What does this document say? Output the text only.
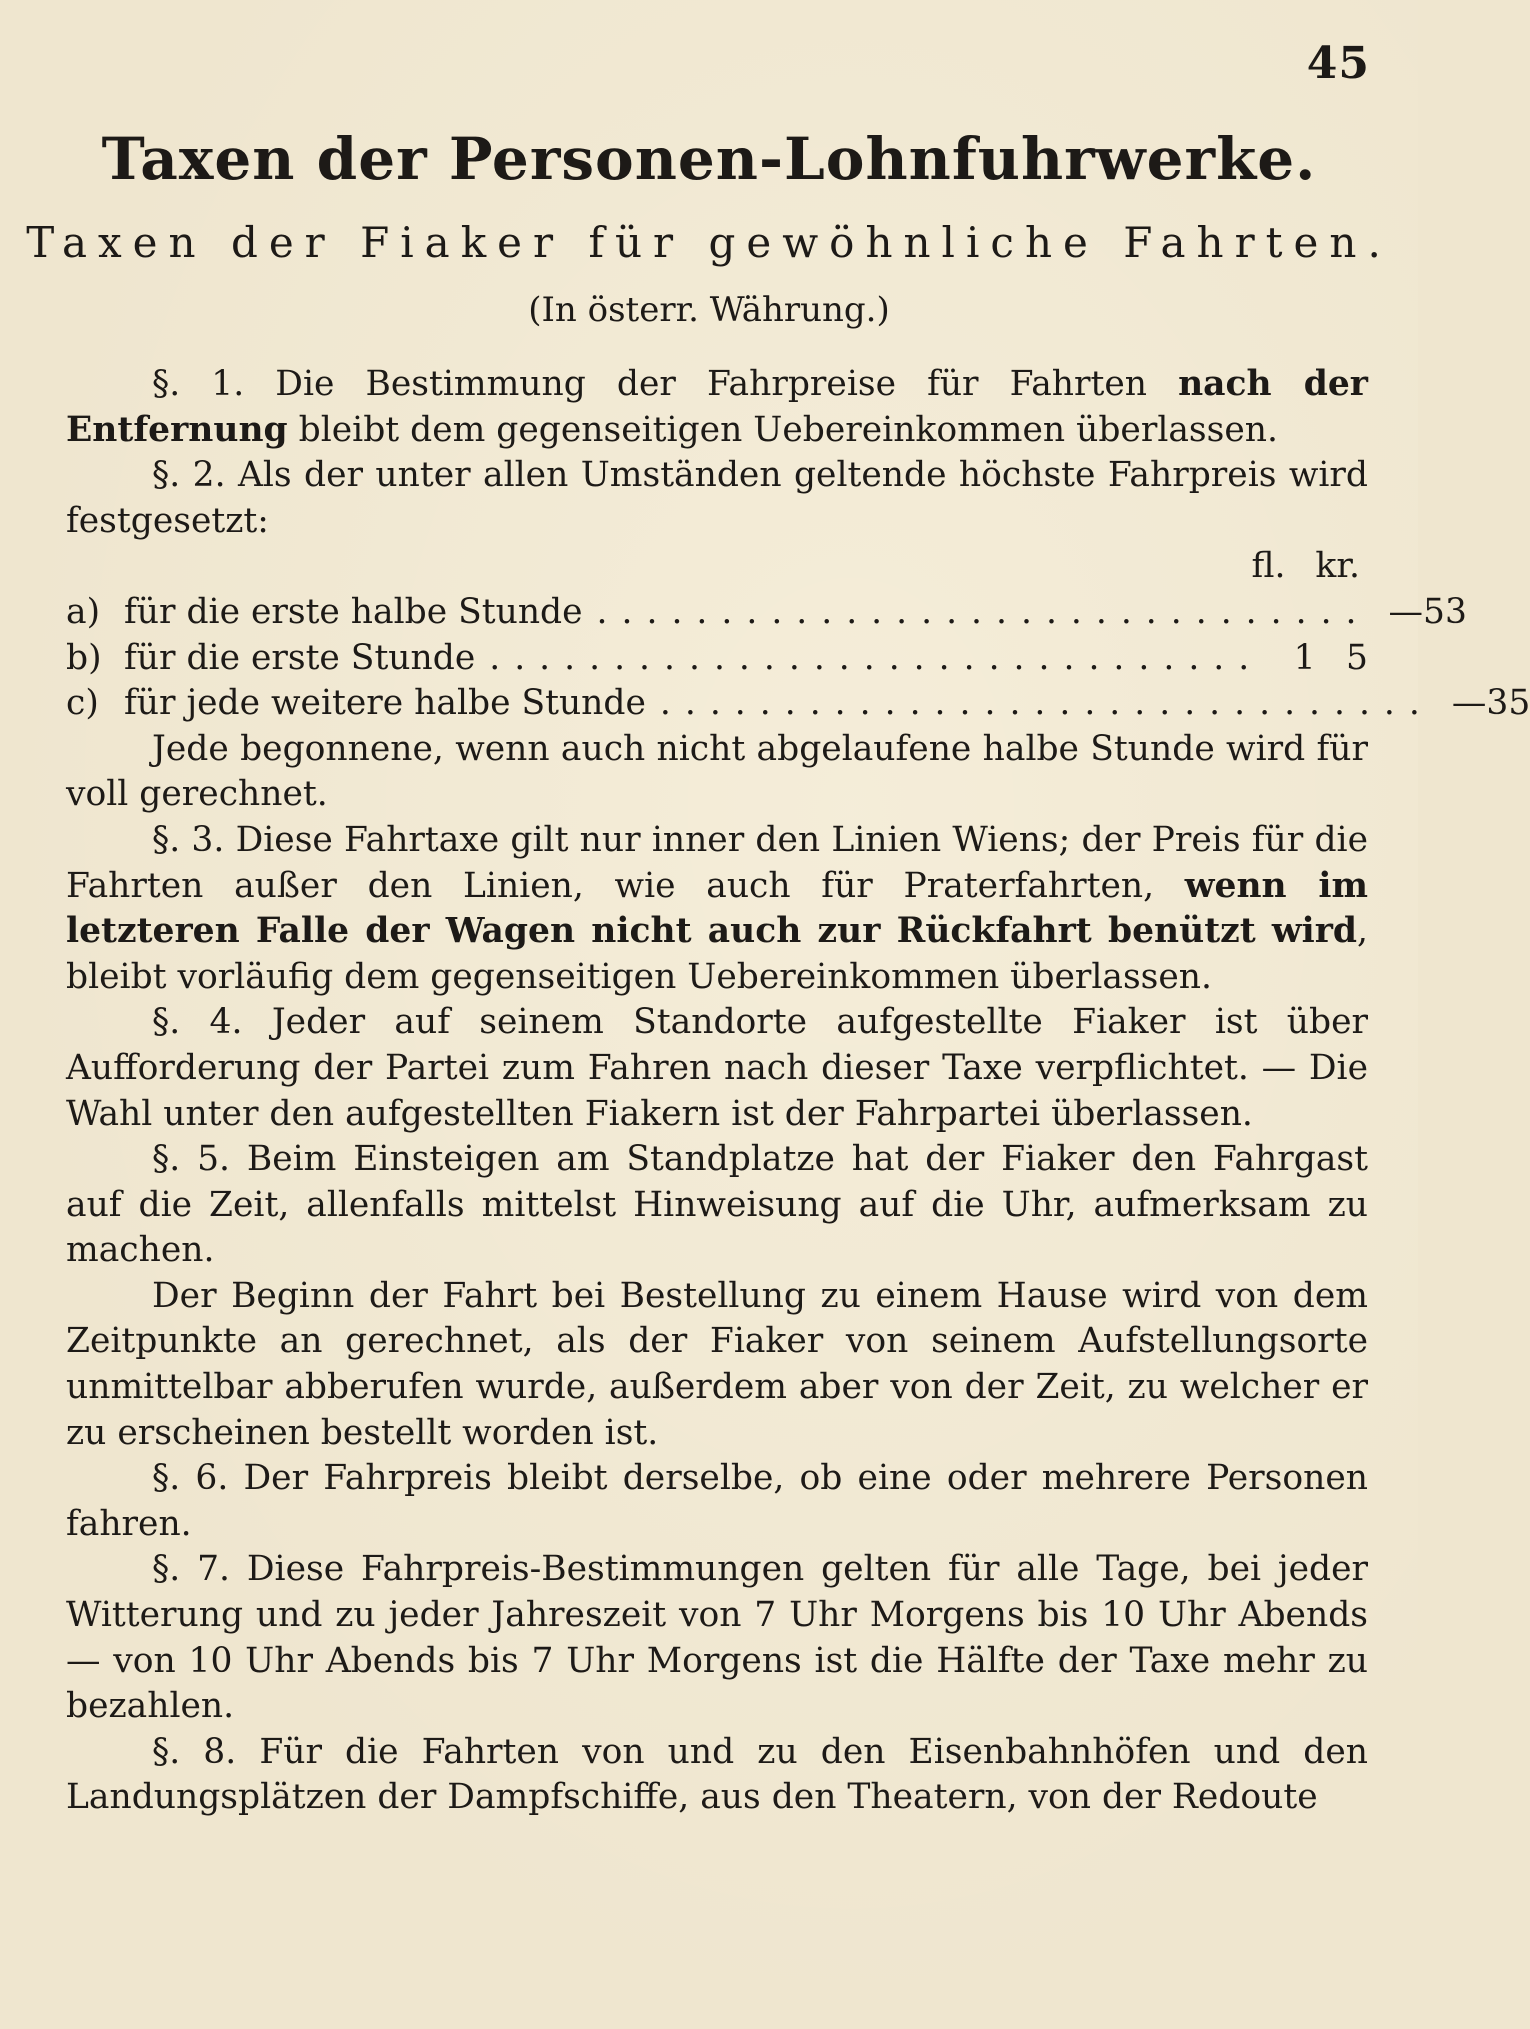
45
Taxen der Personen-Lohnfuhrwerke.
Taxen der Fiaker für gewöhnliche Fahrten.
(In österr. Währung.)

§. 1. Die Bestimmung der Fahrpreise für Fahrten nach der Entfernung bleibt dem gegenseitigen Uebereinkommen überlassen.

§. 2. Als der unter allen Umständen geltende höchste Fahrpreis wird festgesetzt:

fl. kr.
a) für die erste halbe Stunde ............................... — 53
b) für die erste Stunde ............................... 1 5
c) für jede weitere halbe Stunde ............................... — 35

Jede begonnene, wenn auch nicht abgelaufene halbe Stunde wird für voll gerechnet.

§. 3. Diese Fahrtaxe gilt nur inner den Linien Wiens; der Preis für die Fahrten außer den Linien, wie auch für Praterfahrten, wenn im letzteren Falle der Wagen nicht auch zur Rückfahrt benützt wird, bleibt vorläufig dem gegenseitigen Uebereinkommen überlassen.

§. 4. Jeder auf seinem Standorte aufgestellte Fiaker ist über Aufforderung der Partei zum Fahren nach dieser Taxe verpflichtet. — Die Wahl unter den aufgestellten Fiakern ist der Fahrpartei überlassen.

§. 5. Beim Einsteigen am Standplatze hat der Fiaker den Fahrgast auf die Zeit, allenfalls mittelst Hinweisung auf die Uhr, aufmerksam zu machen.

Der Beginn der Fahrt bei Bestellung zu einem Hause wird von dem Zeitpunkte an gerechnet, als der Fiaker von seinem Aufstellungsorte unmittelbar abberufen wurde, außerdem aber von der Zeit, zu welcher er zu erscheinen bestellt worden ist.

§. 6. Der Fahrpreis bleibt derselbe, ob eine oder mehrere Personen fahren.

§. 7. Diese Fahrpreis-Bestimmungen gelten für alle Tage, bei jeder Witterung und zu jeder Jahreszeit von 7 Uhr Morgens bis 10 Uhr Abends — von 10 Uhr Abends bis 7 Uhr Morgens ist die Hälfte der Taxe mehr zu bezahlen.

§. 8. Für die Fahrten von und zu den Eisenbahnhöfen und den Landungsplätzen der Dampfschiffe, aus den Theatern, von der Redoute
